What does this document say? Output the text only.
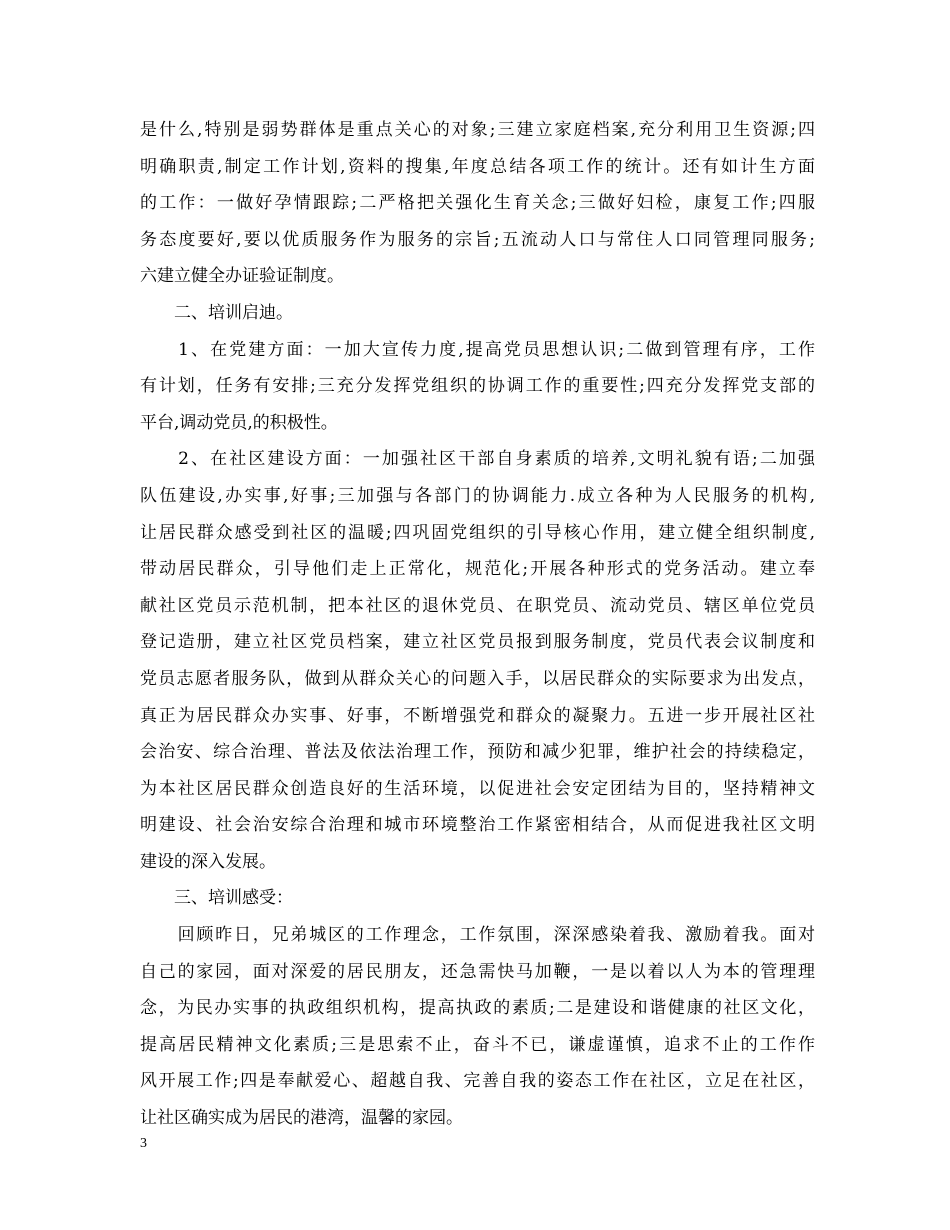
是什么,特别是弱势群体是重点关心的对象;三建立家庭档案,充分利用卫生资源;四
明确职责,制定工作计划,资料的搜集,年度总结各项工作的统计。还有如计生方面
的工作：一做好孕情跟踪;二严格把关强化生育关念;三做好妇检，康复工作;四服
务态度要好,要以优质服务作为服务的宗旨;五流动人口与常住人口同管理同服务;
六建立健全办证验证制度。
　　二、培训启迪。
　　1、在党建方面：一加大宣传力度,提高党员思想认识;二做到管理有序，工作
有计划，任务有安排;三充分发挥党组织的协调工作的重要性;四充分发挥党支部的
平台,调动党员,的积极性。
　　2、在社区建设方面：一加强社区干部自身素质的培养,文明礼貌有语;二加强
队伍建设,办实事,好事;三加强与各部门的协调能力.成立各种为人民服务的机构,
让居民群众感受到社区的温暖;四巩固党组织的引导核心作用，建立健全组织制度,
带动居民群众，引导他们走上正常化，规范化;开展各种形式的党务活动。建立奉
献社区党员示范机制，把本社区的退休党员、在职党员、流动党员、辖区单位党员
登记造册，建立社区党员档案，建立社区党员报到服务制度，党员代表会议制度和
党员志愿者服务队，做到从群众关心的问题入手，以居民群众的实际要求为出发点，
真正为居民群众办实事、好事，不断增强党和群众的凝聚力。五进一步开展社区社
会治安、综合治理、普法及依法治理工作，预防和减少犯罪，维护社会的持续稳定，
为本社区居民群众创造良好的生活环境，以促进社会安定团结为目的，坚持精神文
明建设、社会治安综合治理和城市环境整治工作紧密相结合，从而促进我社区文明
建设的深入发展。
　　三、培训感受：
　　回顾昨日，兄弟城区的工作理念，工作氛围，深深感染着我、激励着我。面对
自己的家园，面对深爱的居民朋友，还急需快马加鞭，一是以着以人为本的管理理
念，为民办实事的执政组织机构，提高执政的素质;二是建设和谐健康的社区文化，
提高居民精神文化素质;三是思索不止，奋斗不已，谦虚谨慎，追求不止的工作作
风开展工作;四是奉献爱心、超越自我、完善自我的姿态工作在社区，立足在社区，
让社区确实成为居民的港湾，温馨的家园。
3
